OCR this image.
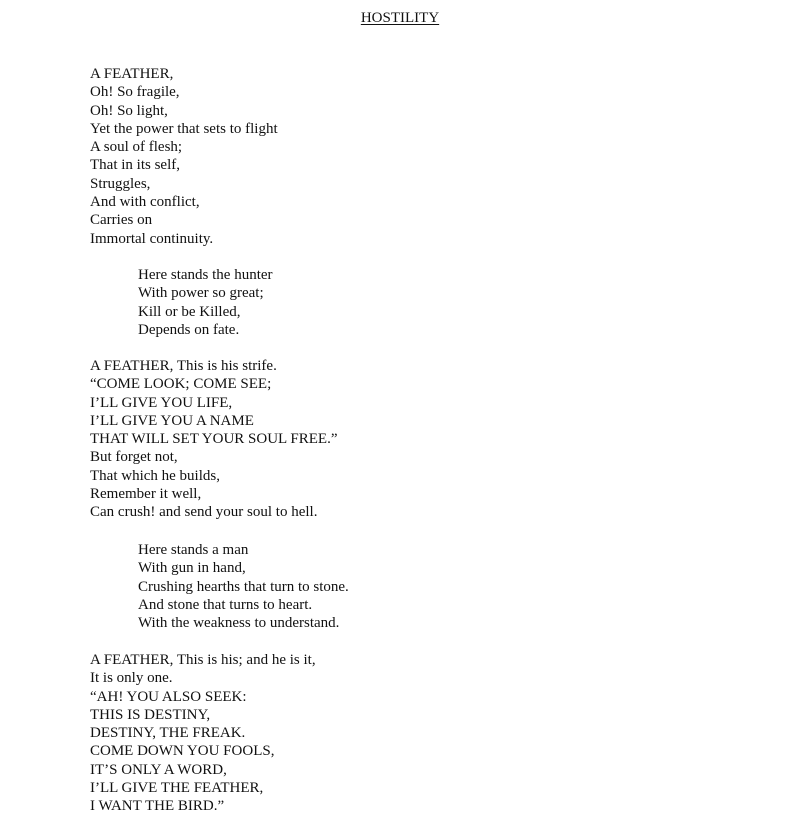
HOSTILITY
A FEATHER,
Oh! So fragile,
Oh! So light,
Yet the power that sets to flight
A soul of flesh;
That in its self,
Struggles,
And with conflict,
Carries on
Immortal continuity.
Here stands the hunter
With power so great;
Kill or be Killed,
Depends on fate.
A FEATHER, This is his strife.
“COME LOOK; COME SEE;
I’LL GIVE YOU LIFE,
I’LL GIVE YOU A NAME
THAT WILL SET YOUR SOUL FREE.”
But forget not,
That which he builds,
Remember it well,
Can crush! and send your soul to hell.
Here stands a man
With gun in hand,
Crushing hearths that turn to stone.
And stone that turns to heart.
With the weakness to understand.
A FEATHER, This is his; and he is it,
It is only one.
“AH! YOU ALSO SEEK:
THIS IS DESTINY,
DESTINY, THE FREAK.
COME DOWN YOU FOOLS,
IT’S ONLY A WORD,
I’LL GIVE THE FEATHER,
I WANT THE BIRD.”
